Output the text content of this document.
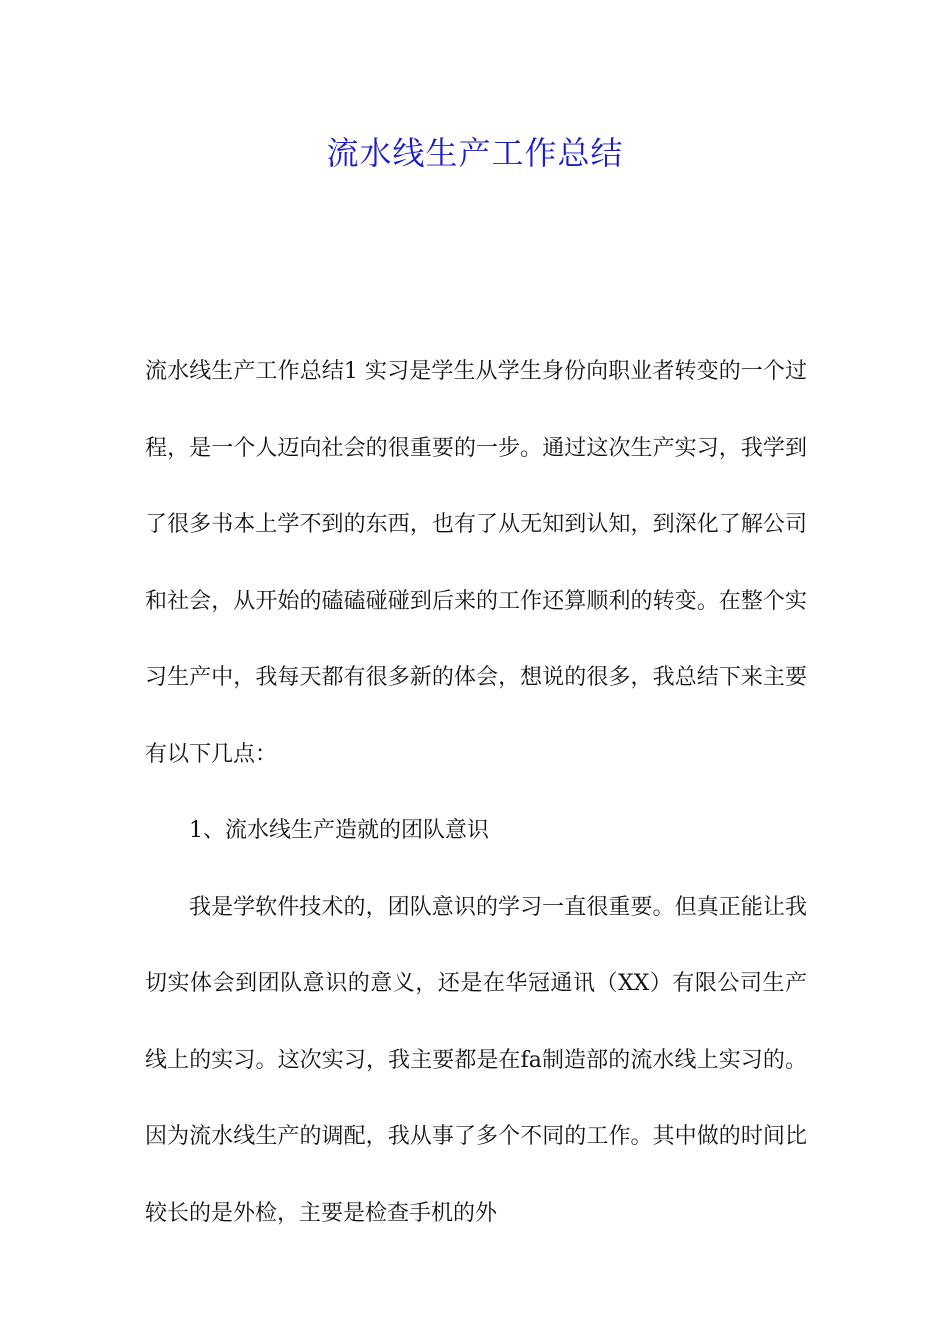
流水线生产工作总结

流水线生产工作总结1 实习是学生从学生身份向职业者转变的一个过程，是一个人迈向社会的很重要的一步。通过这次生产实习，我学到了很多书本上学不到的东西，也有了从无知到认知，到深化了解公司和社会，从开始的磕磕碰碰到后来的工作还算顺利的转变。在整个实习生产中，我每天都有很多新的体会，想说的很多，我总结下来主要有以下几点：

1、流水线生产造就的团队意识

我是学软件技术的，团队意识的学习一直很重要。但真正能让我切实体会到团队意识的意义，还是在华冠通讯（XX）有限公司生产线上的实习。这次实习，我主要都是在fa制造部的流水线上实习的。因为流水线生产的调配，我从事了多个不同的工作。其中做的时间比较长的是外检，主要是检查手机的外
